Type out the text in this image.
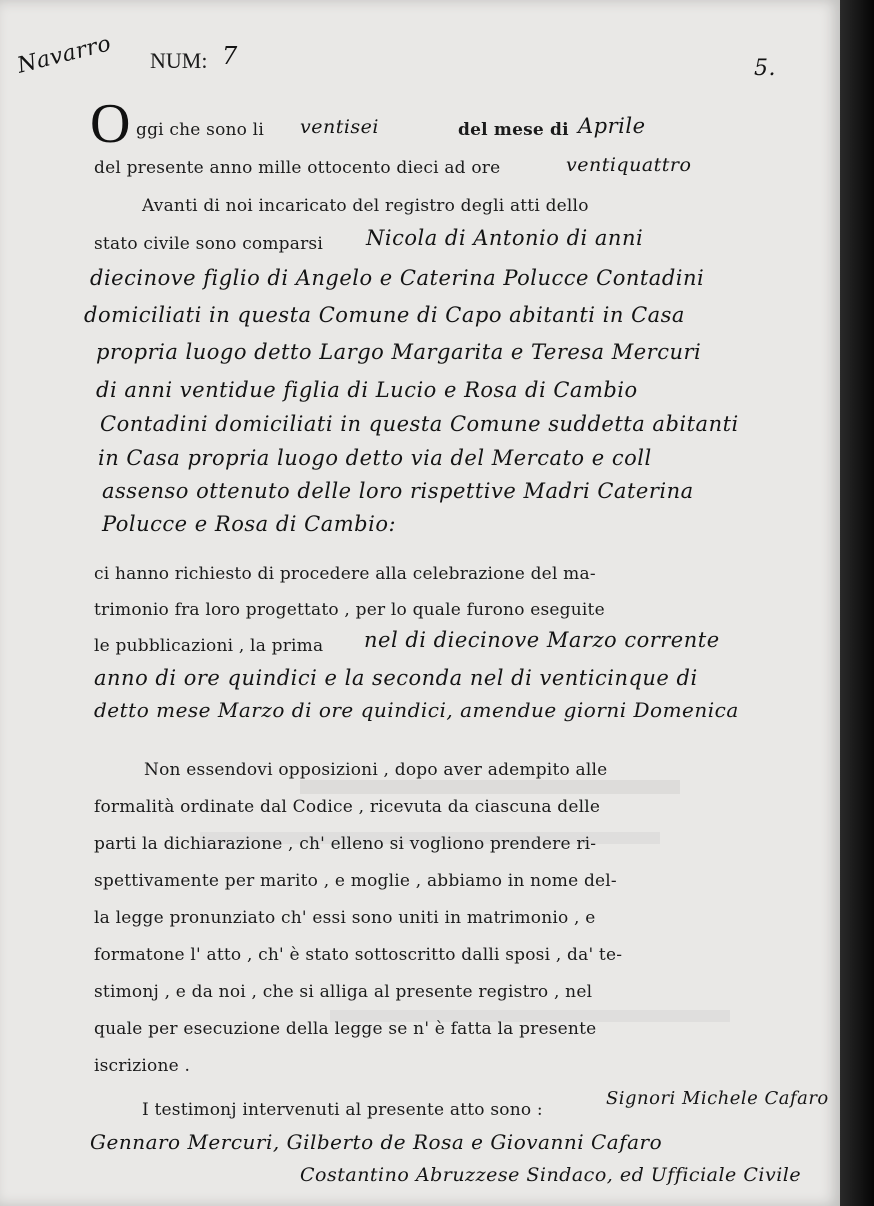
Navarro NUM: 7	5.
O ggi che sono li ventisei	del mese di Aprile
del presente anno mille ottocento dieci ad ore	ventiquattro
Avanti di noi incaricato del registro degli atti dello
stato civile sono comparsi Nicola di Antonio di anni
diecinove figlio di Angelo e Caterina Polucce Contadini
domiciliati in questa Comune di Capo abitanti in Casa
propria luogo detto Largo Margarita e Teresa Mercuri
di anni ventidue figlia di Lucio e Rosa di Cambio
Contadini domiciliati in questa Comune suddetta abitanti
in Casa propria luogo detto via del Mercato e coll
assenso ottenuto delle loro rispettive Madri Caterina
Polucce e Rosa di Cambio:
ci hanno richiesto di procedere alla celebrazione del ma-
trimonio fra loro progettato , per lo quale furono eseguite
le pubblicazioni , la prima nel di diecinove Marzo corrente
anno di ore quindici e la seconda nel di venticinque di
detto mese Marzo di ore quindici, amendue giorni Domenica
Non essendovi opposizioni , dopo aver adempito alle
formalità ordinate dal Codice , ricevuta da ciascuna delle
parti la dichiarazione , ch' elleno si vogliono prendere ri-
spettivamente per marito , e moglie , abbiamo in nome del-
la legge pronunziato ch' essi sono uniti in matrimonio , e
formatone l' atto , ch' è stato sottoscritto dalli sposi , da' te-
stimonj , e da noi , che si alliga al presente registro , nel
quale per esecuzione della legge se n' è fatta la presente
iscrizione .
I testimonj intervenuti al presente atto sono :
Signori Michele Cafaro
Gennaro Mercuri, Gilberto de Rosa e Giovanni Cafaro
Costantino Abruzzese Sindaco, ed Ufficiale Civile
